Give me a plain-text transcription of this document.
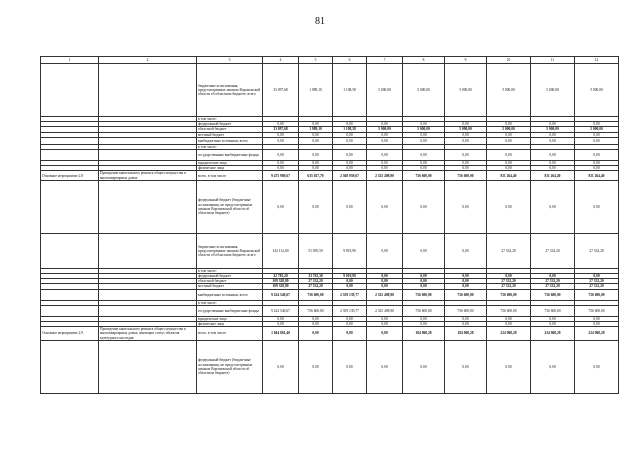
81
1	2	3	4	5	6	7	8	9	10	11	12
		бюджетные ассигнования, предусмотренные законом Воронежской области об областном бюджете, всего	33 097,68	1 989,10	1 108,58	5 000,00	5 000,00	5 000,00	5 000,00	5 000,00	5 000,00
		в том числе:									
		федеральный бюджет	0,00	0,00	0,00	0,00	0,00	0,00	0,00	0,00	0,00
		областной бюджет	33 097,68	1 989,10	1 108,58	5 000,00	5 000,00	5 000,00	5 000,00	5 000,00	5 000,00
		местный бюджет	0,00	0,00	0,00	0,00	0,00	0,00	0,00	0,00	0,00
		внебюджетные источники, всего	0,00	0,00	0,00	0,00	0,00	0,00	0,00	0,00	0,00
		в том числе:									
		государственные внебюджетные фонды	0,00	0,00	0,00	0,00	0,00	0,00	0,00	0,00	0,00
		юридические лица	0,00	0,00	0,00	0,00	0,00	0,00	0,00	0,00	0,00
		физические лица	0,00	0,00	0,00	0,00	0,00	0,00	0,00	0,00	0,00
Основное мероприятие 2.8	Проведение капитального ремонта общего имущества в многоквартирных домах	всего, в том числе:	9 475 980,67	635 027,70	2 368 959,67	2 325 408,90	756 600,00	756 600,00	811 264,40	811 264,40	811 264,40
		федеральный бюджет (бюджетные ассигнования, не предусмотренные законом Воронежской области об областном бюджете)	0,00	0,00	0,00	0,00	0,00	0,00	0,00	0,00	0,00
		бюджетные ассигнования, предусмотренные законом Воронежской области об областном бюджете, всего	142 112,00	51 095,50	9 819,90	0,00	0,00	0,00	27 332,20	27 332,20	27 332,20
		в том числе:									
		федеральный бюджет	32 783,20	23 763,30	9 019,90	0,00	0,00	0,00	0,00	0,00	0,00
		областной бюджет	109 328,80	27 332,20	0,00	0,00	0,00	0,00	27 332,20	27 332,20	27 332,20
		местный бюджет	109 328,80	27 332,20	0,00	0,00	0,00	0,00	27 332,20	27 332,20	27 332,20
		внебюджетные источники, всего	9 224 540,67	756 600,00	2 359 139,77	2 325 408,90	756 600,00	756 600,00	756 600,00	756 600,00	756 600,00
		в том числе:									
		государственные внебюджетные фонды	9 224 540,67	756 600,00	2 359 139,77	2 325 408,90	756 600,00	756 600,00	756 600,00	756 600,00	756 600,00
		юридические лица	0,00	0,00	0,00	0,00	0,00	0,00	0,00	0,00	0,00
		физические лица	0,00	0,00	0,00	0,00	0,00	0,00	0,00	0,00	0,00
Основное мероприятие 2.9	Проведение капитального ремонта общего имущества в многоквартирных домах, имеющих статус объектов культурного наследия	всего, в том числе:	1 044 861,40	0,00	0,00	0,00	184 968,28	184 968,28	224 968,28	224 968,28	224 968,28
		федеральный бюджет (бюджетные ассигнования, не предусмотренные законом Воронежской области об областном бюджете)	0,00	0,00	0,00	0,00	0,00	0,00	0,00	0,00	0,00
